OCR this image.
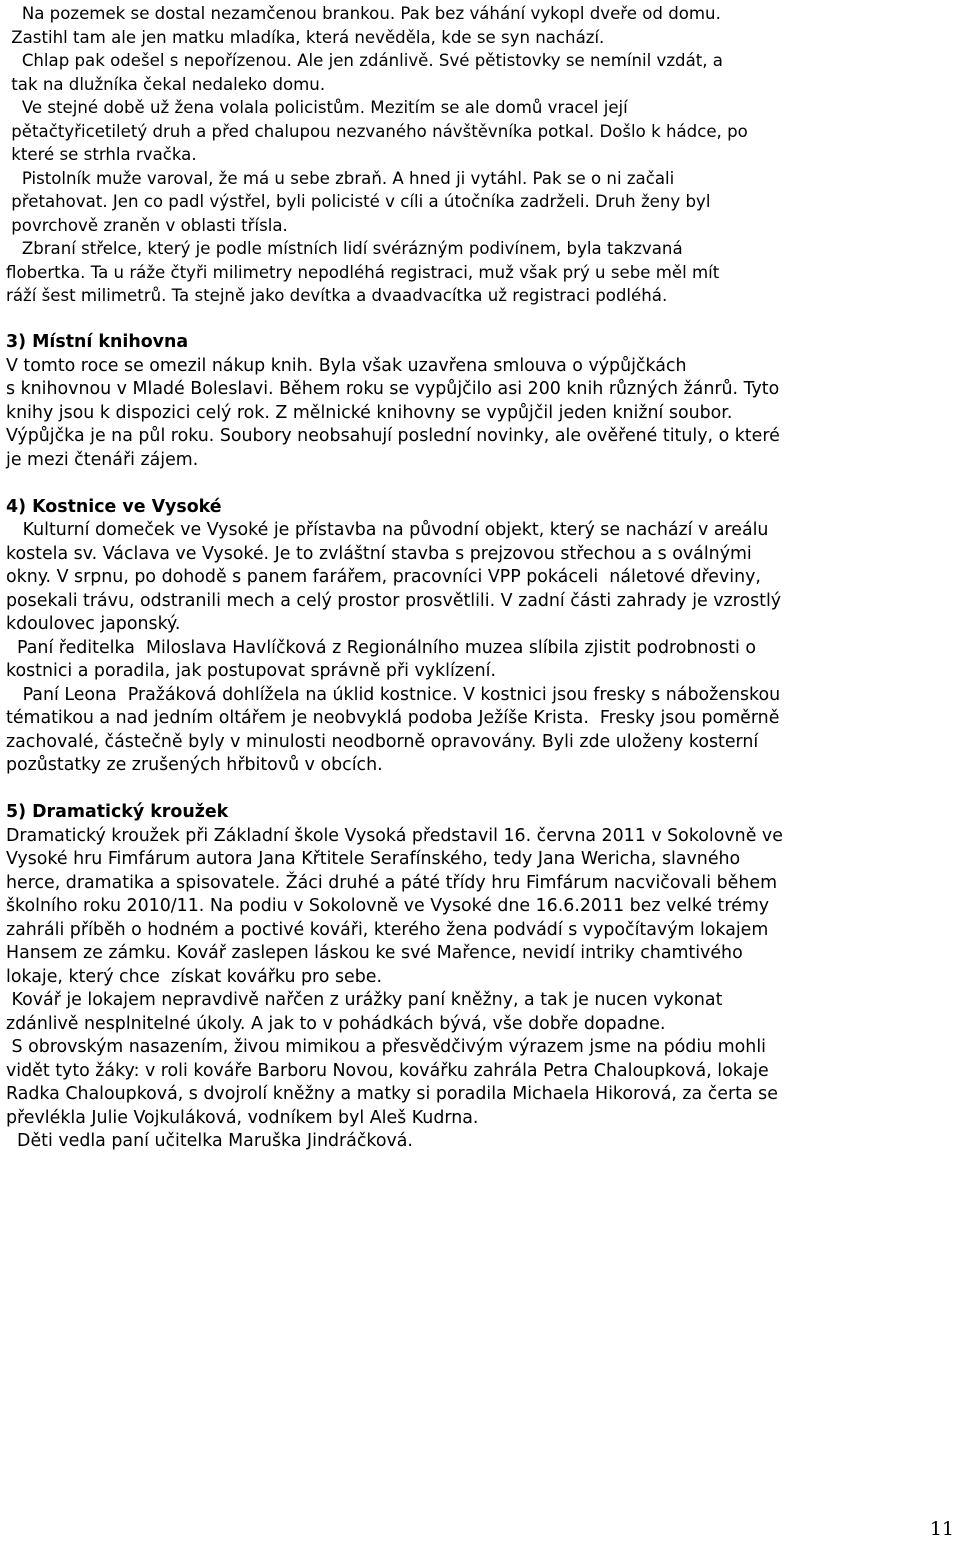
Na pozemek se dostal nezamčenou brankou. Pak bez váhání vykopl dveře od domu.
Zastihl tam ale jen matku mladíka, která nevěděla, kde se syn nachází.
Chlap pak odešel s nepořízenou. Ale jen zdánlivě. Své pětistovky se nemínil vzdát, a
tak na dlužníka čekal nedaleko domu.
Ve stejné době už žena volala policistům. Mezitím se ale domů vracel její
pětačtyřicetiletý druh a před chalupou nezvaného návštěvníka potkal. Došlo k hádce, po
které se strhla rvačka.
Pistolník muže varoval, že má u sebe zbraň. A hned ji vytáhl. Pak se o ni začali
přetahovat. Jen co padl výstřel, byli policisté v cíli a útočníka zadrželi. Druh ženy byl
povrchově zraněn v oblasti třísla.
Zbraní střelce, který je podle místních lidí svérázným podivínem, byla takzvaná
flobertka. Ta u ráže čtyři milimetry nepodléhá registraci, muž však prý u sebe měl mít
ráží šest milimetrů. Ta stejně jako devítka a dvaadvacítka už registraci podléhá.
3) Místní knihovna
V tomto roce se omezil nákup knih. Byla však uzavřena smlouva o výpůjčkách
s knihovnou v Mladé Boleslavi. Během roku se vypůjčilo asi 200 knih různých žánrů. Tyto
knihy jsou k dispozici celý rok. Z mělnické knihovny se vypůjčil jeden knižní soubor.
Výpůjčka je na půl roku. Soubory neobsahují poslední novinky, ale ověřené tituly, o které
je mezi čtenáři zájem.
4) Kostnice ve Vysoké
Kulturní domeček ve Vysoké je přístavba na původní objekt, který se nachází v areálu
kostela sv. Václava ve Vysoké. Je to zvláštní stavba s prejzovou střechou a s oválnými
okny. V srpnu, po dohodě s panem farářem, pracovníci VPP pokáceli  náletové dřeviny,
posekali trávu, odstranili mech a celý prostor prosvětlili. V zadní části zahrady je vzrostlý
kdoulovec japonský.
Paní ředitelka  Miloslava Havlíčková z Regionálního muzea slíbila zjistit podrobnosti o
kostnici a poradila, jak postupovat správně při vyklízení.
Paní Leona  Pražáková dohlížela na úklid kostnice. V kostnici jsou fresky s náboženskou
tématikou a nad jedním oltářem je neobvyklá podoba Ježíše Krista.  Fresky jsou poměrně
zachovalé, částečně byly v minulosti neodborně opravovány. Byli zde uloženy kosterní
pozůstatky ze zrušených hřbitovů v obcích.
5) Dramatický kroužek
Dramatický kroužek při Základní škole Vysoká představil 16. června 2011 v Sokolovně ve
Vysoké hru Fimfárum autora Jana Křtitele Serafínského, tedy Jana Wericha, slavného
herce, dramatika a spisovatele. Žáci druhé a páté třídy hru Fimfárum nacvičovali během
školního roku 2010/11. Na podiu v Sokolovně ve Vysoké dne 16.6.2011 bez velké trémy
zahráli příběh o hodném a poctivé kováři, kterého žena podvádí s vypočítavým lokajem
Hansem ze zámku. Kovář zaslepen láskou ke své Mařence, nevidí intriky chamtivého
lokaje, který chce  získat kovářku pro sebe.
Kovář je lokajem nepravdivě nařčen z urážky paní kněžny, a tak je nucen vykonat
zdánlivě nesplnitelné úkoly. A jak to v pohádkách bývá, vše dobře dopadne.
S obrovským nasazením, živou mimikou a přesvědčivým výrazem jsme na pódiu mohli
vidět tyto žáky: v roli kováře Barboru Novou, kovářku zahrála Petra Chaloupková, lokaje
Radka Chaloupková, s dvojrolí kněžny a matky si poradila Michaela Hikorová, za čerta se
převlékla Julie Vojkuláková, vodníkem byl Aleš Kudrna.
Děti vedla paní učitelka Maruška Jindráčková.
11
